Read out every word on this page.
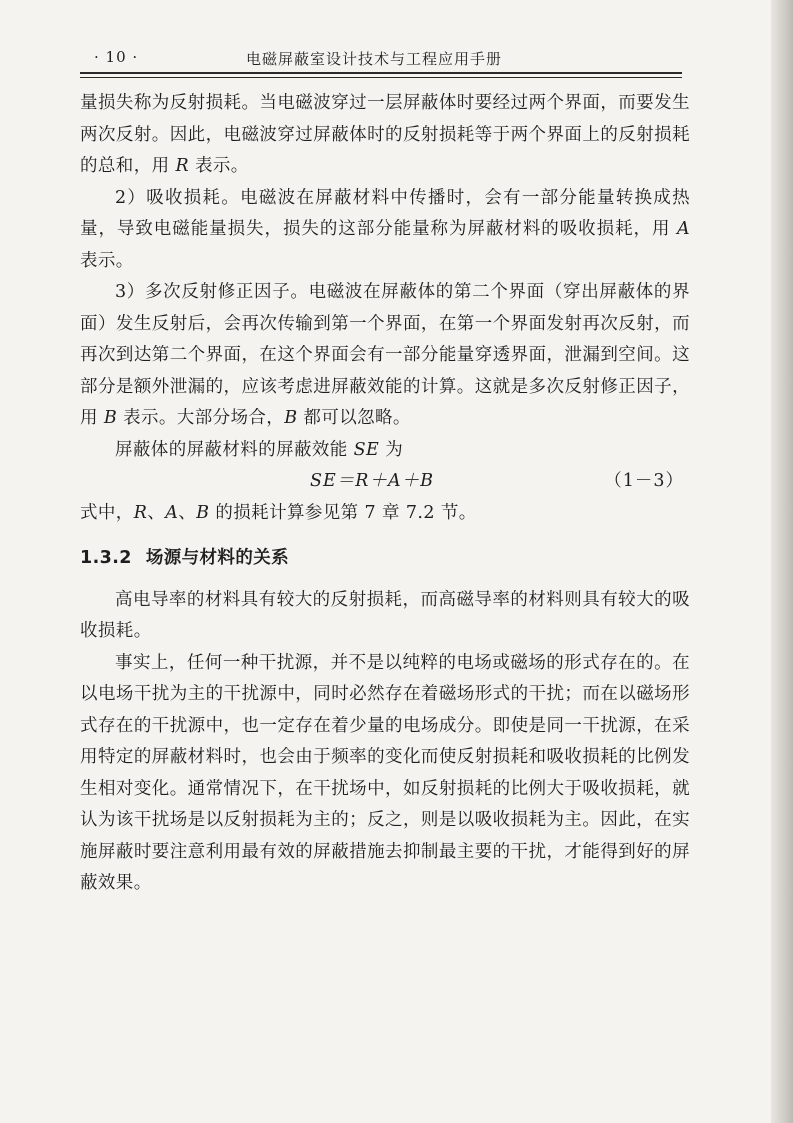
· 10 ·	电磁屏蔽室设计技术与工程应用手册

量损失称为反射损耗。当电磁波穿过一层屏蔽体时要经过两个界面，而要发生两次反射。因此，电磁波穿过屏蔽体时的反射损耗等于两个界面上的反射损耗的总和，用 R 表示。

2）吸收损耗。电磁波在屏蔽材料中传播时，会有一部分能量转换成热量，导致电磁能量损失，损失的这部分能量称为屏蔽材料的吸收损耗，用 A 表示。

3）多次反射修正因子。电磁波在屏蔽体的第二个界面（穿出屏蔽体的界面）发生反射后，会再次传输到第一个界面，在第一个界面发射再次反射，而再次到达第二个界面，在这个界面会有一部分能量穿透界面，泄漏到空间。这部分是额外泄漏的，应该考虑进屏蔽效能的计算。这就是多次反射修正因子，用 B 表示。大部分场合，B 都可以忽略。

屏蔽体的屏蔽材料的屏蔽效能 SE 为

SE＝R＋A＋B	（1－3）

式中，R、A、B 的损耗计算参见第 7 章 7.2 节。

1.3.2 场源与材料的关系

高电导率的材料具有较大的反射损耗，而高磁导率的材料则具有较大的吸收损耗。

事实上，任何一种干扰源，并不是以纯粹的电场或磁场的形式存在的。在以电场干扰为主的干扰源中，同时必然存在着磁场形式的干扰；而在以磁场形式存在的干扰源中，也一定存在着少量的电场成分。即使是同一干扰源，在采用特定的屏蔽材料时，也会由于频率的变化而使反射损耗和吸收损耗的比例发生相对变化。通常情况下，在干扰场中，如反射损耗的比例大于吸收损耗，就认为该干扰场是以反射损耗为主的；反之，则是以吸收损耗为主。因此，在实施屏蔽时要注意利用最有效的屏蔽措施去抑制最主要的干扰，才能得到好的屏蔽效果。
